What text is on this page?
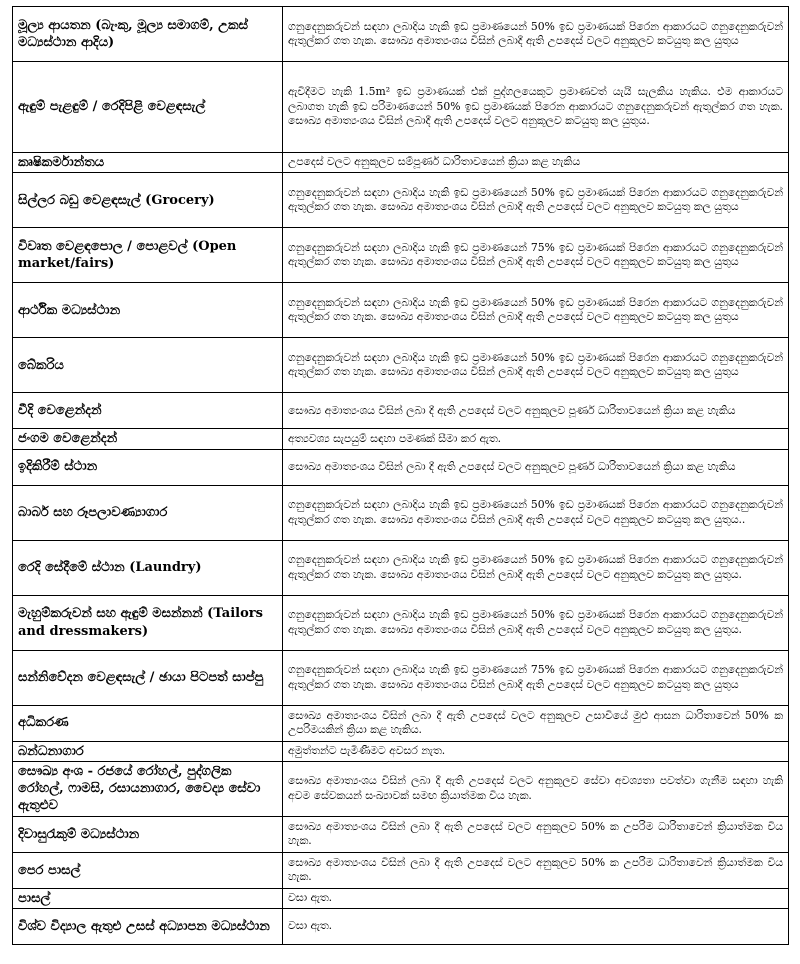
මූල්‍ය ආයතන (බැංකු, මූල්‍ය සමාගම්, උකස් මධ්‍යස්ථාන ආදිය)	ගනුදෙනුකරුවන් සඳහා ලබාදිය හැකි ඉඩ ප්‍රමාණයෙන් 50% ඉඩ ප්‍රමාණයක් පිරෙන ආකාරයට ගනුදෙනුකරුවන් ඇතුල්කර ගත හැක. සෞඛ්‍ය අමාත්‍යංශය විසින් ලබාදී ඇති උපදෙස් වලට අනුකූලව කටයුතු කල යුතුය
ඇඳුම් පැළඳුම් / රෙදිපිළි වෙළඳසැල්	ඇවිදීමට හැකි 1.5m² ඉඩ ප්‍රමාණයක් එක් පුද්ගලයෙකුට ප්‍රමාණවත් යැයි සැලකිය හැකිය. එම ආකාරයට ලබාගත හැකි ඉඩ පරිමාණයෙන් 50% ඉඩ ප්‍රමාණයක් පිරෙන ආකාරයට ගනුදෙනුකරුවන් ඇතුල්කර ගත හැක. සෞඛ්‍ය අමාත්‍යංශය විසින් ලබාදී ඇති උපදෙස් වලට අනුකූලව කටයුතු කල යුතුය.
කෘෂිකර්මාන්තය	උපදෙස් වලට අනුකූලව සම්පූර්ණ ධාරිතාවයෙන් ක්‍රියා කළ හැකිය
සිල්ලර බඩු වෙළඳසැල් (Grocery)	ගනුදෙනුකරුවන් සඳහා ලබාදිය හැකි ඉඩ ප්‍රමාණයෙන් 50% ඉඩ ප්‍රමාණයක් පිරෙන ආකාරයට ගනුදෙනුකරුවන් ඇතුල්කර ගත හැක. සෞඛ්‍ය අමාත්‍යංශය විසින් ලබාදී ඇති උපදෙස් වලට අනුකූලව කටයුතු කල යුතුය
විවෘත වෙළඳපොල / පොළවල් (Open market/fairs)	ගනුදෙනුකරුවන් සඳහා ලබාදිය හැකි ඉඩ ප්‍රමාණයෙන් 75% ඉඩ ප්‍රමාණයක් පිරෙන ආකාරයට ගනුදෙනුකරුවන් ඇතුල්කර ගත හැක. සෞඛ්‍ය අමාත්‍යංශය විසින් ලබාදී ඇති උපදෙස් වලට අනුකූලව කටයුතු කල යුතුය
ආර්ථික මධ්‍යස්ථාන	ගනුදෙනුකරුවන් සඳහා ලබාදිය හැකි ඉඩ ප්‍රමාණයෙන් 50% ඉඩ ප්‍රමාණයක් පිරෙන ආකාරයට ගනුදෙනුකරුවන් ඇතුල්කර ගත හැක. සෞඛ්‍ය අමාත්‍යංශය විසින් ලබාදී ඇති උපදෙස් වලට අනුකූලව කටයුතු කල යුතුය
බේකරිය	ගනුදෙනුකරුවන් සඳහා ලබාදිය හැකි ඉඩ ප්‍රමාණයෙන් 50% ඉඩ ප්‍රමාණයක් පිරෙන ආකාරයට ගනුදෙනුකරුවන් ඇතුල්කර ගත හැක. සෞඛ්‍ය අමාත්‍යංශය විසින් ලබාදී ඇති උපදෙස් වලට අනුකූලව කටයුතු කල යුතුය
වීදි වෙළෙන්දන්	සෞඛ්‍ය අමාත්‍යංශය විසින් ලබා දී ඇති උපදෙස් වලට අනුකූලව පූර්ණ ධාරිතාවයෙන් ක්‍රියා කළ හැකිය
ජංගම වෙළෙන්දන්	අත්‍යවශ්‍ය සැපයුම් සඳහා පමණක් සීමා කර ඇත.
ඉදිකිරීම් ස්ථාන	සෞඛ්‍ය අමාත්‍යංශය විසින් ලබා දී ඇති උපදෙස් වලට අනුකූලව පූර්ණ ධාරිතාවයෙන් ක්‍රියා කළ හැකිය
බාබර් සහ රූපලාවණ්‍යාගාර	ගනුදෙනුකරුවන් සඳහා ලබාදිය හැකි ඉඩ ප්‍රමාණයෙන් 50% ඉඩ ප්‍රමාණයක් පිරෙන ආකාරයට ගනුදෙනුකරුවන් ඇතුල්කර ගත හැක. සෞඛ්‍ය අමාත්‍යංශය විසින් ලබාදී ඇති උපදෙස් වලට අනුකූලව කටයුතු කල යුතුය..
රෙදි සේදීමේ ස්ථාන (Laundry)	ගනුදෙනුකරුවන් සඳහා ලබාදිය හැකි ඉඩ ප්‍රමාණයෙන් 50% ඉඩ ප්‍රමාණයක් පිරෙන ආකාරයට ගනුදෙනුකරුවන් ඇතුල්කර ගත හැක. සෞඛ්‍ය අමාත්‍යංශය විසින් ලබාදී ඇති උපදෙස් වලට අනුකූලව කටයුතු කල යුතුය.
මැහුම්කරුවන් සහ ඇඳුම් මසන්නන් (Tailors and dressmakers)	ගනුදෙනුකරුවන් සඳහා ලබාදිය හැකි ඉඩ ප්‍රමාණයෙන් 50% ඉඩ ප්‍රමාණයක් පිරෙන ආකාරයට ගනුදෙනුකරුවන් ඇතුල්කර ගත හැක. සෞඛ්‍ය අමාත්‍යංශය විසින් ලබාදී ඇති උපදෙස් වලට අනුකූලව කටයුතු කල යුතුය.
සන්නිවේදන වෙළඳසැල් / ඡායා පිටපත් සාප්පු	ගනුදෙනුකරුවන් සඳහා ලබාදිය හැකි ඉඩ ප්‍රමාණයෙන් 75% ඉඩ ප්‍රමාණයක් පිරෙන ආකාරයට ගනුදෙනුකරුවන් ඇතුල්කර ගත හැක. සෞඛ්‍ය අමාත්‍යංශය විසින් ලබාදී ඇති උපදෙස් වලට අනුකූලව කටයුතු කල යුතුය
අධිකරණ	සෞඛ්‍ය අමාත්‍යංශය විසින් ලබා දී ඇති උපදෙස් වලට අනුකූලව උසාවියේ මුළු ආසන ධාරිතාවෙන් 50% ක උපරිමයකින් ක්‍රියා කළ හැකිය.
බන්ධනාගාර	අමුත්තන්ට පැමිණීමට අවසර නැත.
සෞඛ්‍ය අංශ - රජයේ රෝහල්, පුද්ගලික රෝහල්, ෆාමසි, රසායනාගාර, වෛද්‍ය සේවා ඇතුළුව	සෞඛ්‍ය අමාත්‍යංශය විසින් ලබා දී ඇති උපදෙස් වලට අනුකූලව සේවා අවශ්‍යතා පවත්වා ගැනීම සඳහා හැකි අවම සේවකයන් සංඛ්‍යාවක් සමඟ ක්‍රියාත්මක විය හැක.
දිවාසුරැකුම් මධ්‍යස්ථාන	සෞඛ්‍ය අමාත්‍යංශය විසින් ලබා දී ඇති උපදෙස් වලට අනුකූලව 50% ක උපරිම ධාරිතාවෙන් ක්‍රියාත්මක විය හැක.
පෙර පාසල්	සෞඛ්‍ය අමාත්‍යංශය විසින් ලබා දී ඇති උපදෙස් වලට අනුකූලව 50% ක උපරිම ධාරිතාවෙන් ක්‍රියාත්මක විය හැක.
පාසල්	වසා ඇත.
විශ්ව විද්‍යාල ඇතුළු උසස් අධ්‍යාපන මධ්‍යස්ථාන	වසා ඇත.
